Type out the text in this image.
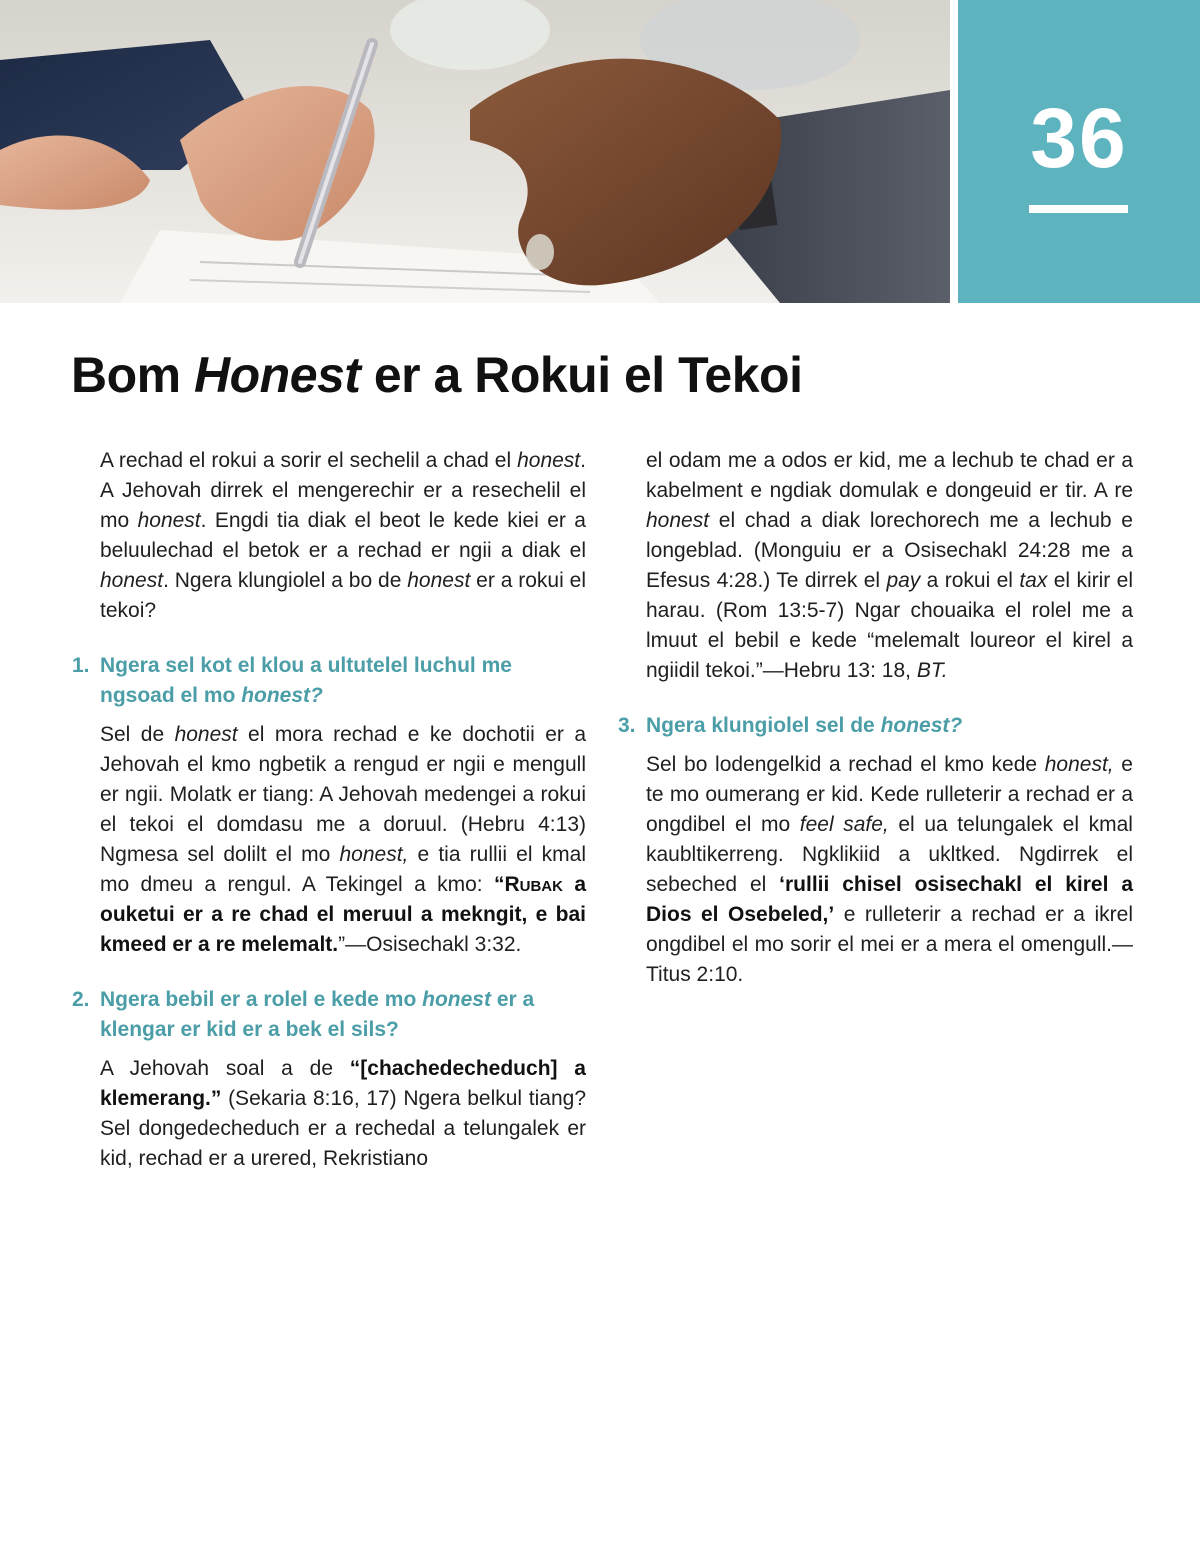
36
Bom Honest er a Rokui el Tekoi

A rechad el rokui a sorir el sechelil a chad el honest. A Jehovah dirrek el mengerechir er a resechelil el mo honest. Engdi tia diak el beot le kede kiei er a beluulechad el betok er a rechad er ngii a diak el honest. Ngera klungiolel a bo de honest er a rokui el tekoi?

1. Ngera sel kot el klou a ultutelel luchul me ngsoad el mo honest?

Sel de honest el mora rechad e ke dochotii er a Jehovah el kmo ngbetik a rengud er ngii e mengull er ngii. Molatk er tiang: A Jehovah medengei a rokui el tekoi el domdasu me a doruul. (Hebru 4:13) Ngmesa sel dolilt el mo honest, e tia rullii el kmal mo dmeu a rengul. A Tekingel a kmo: “Rubak a ouketui er a re chad el meruul a mekngit, e bai kmeed er a re melemalt.”—Osisechakl 3:32.

2. Ngera bebil er a rolel e kede mo honest er a klengar er kid er a bek el sils?

A Jehovah soal a de “[chachedecheduch] a klemerang.” (Sekaria 8:16, 17) Ngera belkul tiang? Sel dongedecheduch er a rechedal a telungalek er kid, rechad er a urered, Rekristiano

el odam me a odos er kid, me a lechub te chad er a kabelment e ngdiak domulak e dongeuid er tir. A re honest el chad a diak lorechorech me a lechub e longeblad. (Monguiu er a Osisechakl 24:28 me a Efesus 4:28.) Te dirrek el pay a rokui el tax el kirir el harau. (Rom 13:5-7) Ngar chouaika el rolel me a lmuut el bebil e kede “melemalt loureor el kirel a ngiidil tekoi.”—Hebru 13: 18, BT.

3. Ngera klungiolel sel de honest?

Sel bo lodengelkid a rechad el kmo kede honest, e te mo oumerang er kid. Kede rulleterir a rechad er a ongdibel el mo feel safe, el ua telungalek el kmal kaubltikerreng. Ngklikiid a ukltked. Ngdirrek el sebeched el ‘rullii chisel osisechakl el kirel a Dios el Osebeled,’ e rulleterir a rechad er a ikrel ongdibel el mo sorir el mei er a mera el omengull.—Titus 2:10.
